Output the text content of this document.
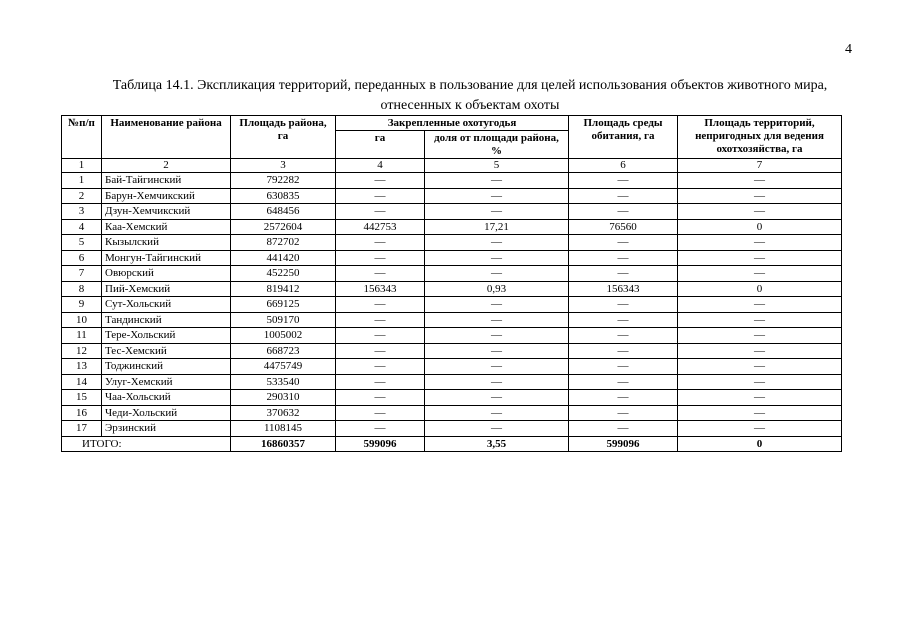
4
Таблица 14.1. Экспликация территорий, переданных в пользование для целей использования объектов животного мира, отнесенных к объектам охоты
№п/п	Наименование района	Площадь района, га	Закрепленные охотугодья		Площадь среды обитания, га	Площадь территорий, непригодных для ведения охотхозяйства, га
			га	доля от площади района, %		
1	2	3	4	5	6	7
1	Бай-Тайгинский	792282	—	—	—	—
2	Барун-Хемчикский	630835	—	—	—	—
3	Дзун-Хемчикский	648456	—	—	—	—
4	Каа-Хемский	2572604	442753	17,21	76560	0
5	Кызылский	872702	—	—	—	—
6	Монгун-Тайгинский	441420	—	—	—	—
7	Овюрский	452250	—	—	—	—
8	Пий-Хемский	819412	156343	0,93	156343	0
9	Сут-Хольский	669125	—	—	—	—
10	Тандинский	509170	—	—	—	—
11	Тере-Хольский	1005002	—	—	—	—
12	Тес-Хемский	668723	—	—	—	—
13	Тоджинский	4475749	—	—	—	—
14	Улуг-Хемский	533540	—	—	—	—
15	Чаа-Хольский	290310	—	—	—	—
16	Чеди-Хольский	370632	—	—	—	—
17	Эрзинский	1108145	—	—	—	—
ИТОГО:		16860357	599096	3,55	599096	0
